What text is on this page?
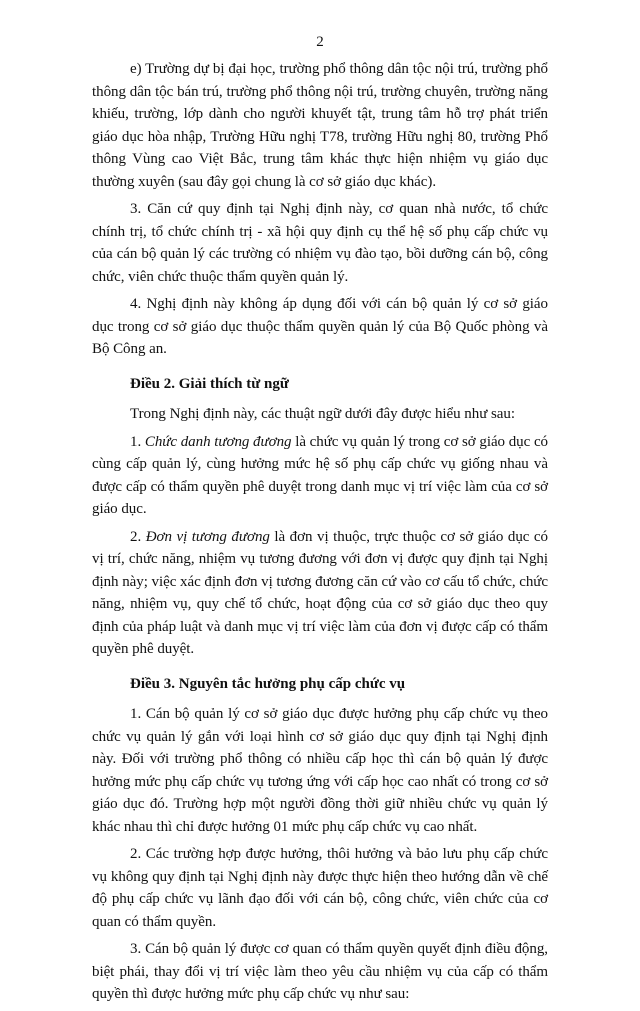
2

e) Trường dự bị đại học, trường phổ thông dân tộc nội trú, trường phổ thông dân tộc bán trú, trường phổ thông nội trú, trường chuyên, trường năng khiếu, trường, lớp dành cho người khuyết tật, trung tâm hỗ trợ phát triển giáo dục hòa nhập, Trường Hữu nghị T78, trường Hữu nghị 80, trường Phổ thông Vùng cao Việt Bắc, trung tâm khác thực hiện nhiệm vụ giáo dục thường xuyên (sau đây gọi chung là cơ sở giáo dục khác).

3. Căn cứ quy định tại Nghị định này, cơ quan nhà nước, tổ chức chính trị, tổ chức chính trị - xã hội quy định cụ thể hệ số phụ cấp chức vụ của cán bộ quản lý các trường có nhiệm vụ đào tạo, bồi dưỡng cán bộ, công chức, viên chức thuộc thẩm quyền quản lý.

4. Nghị định này không áp dụng đối với cán bộ quản lý cơ sở giáo dục trong cơ sở giáo dục thuộc thẩm quyền quản lý của Bộ Quốc phòng và Bộ Công an.

Điều 2. Giải thích từ ngữ

Trong Nghị định này, các thuật ngữ dưới đây được hiểu như sau:

1. Chức danh tương đương là chức vụ quản lý trong cơ sở giáo dục có cùng cấp quản lý, cùng hưởng mức hệ số phụ cấp chức vụ giống nhau và được cấp có thẩm quyền phê duyệt trong danh mục vị trí việc làm của cơ sở giáo dục.

2. Đơn vị tương đương là đơn vị thuộc, trực thuộc cơ sở giáo dục có vị trí, chức năng, nhiệm vụ tương đương với đơn vị được quy định tại Nghị định này; việc xác định đơn vị tương đương căn cứ vào cơ cấu tổ chức, chức năng, nhiệm vụ, quy chế tổ chức, hoạt động của cơ sở giáo dục theo quy định của pháp luật và danh mục vị trí việc làm của đơn vị được cấp có thẩm quyền phê duyệt.

Điều 3. Nguyên tắc hưởng phụ cấp chức vụ

1. Cán bộ quản lý cơ sở giáo dục được hưởng phụ cấp chức vụ theo chức vụ quản lý gắn với loại hình cơ sở giáo dục quy định tại Nghị định này. Đối với trường phổ thông có nhiều cấp học thì cán bộ quản lý được hưởng mức phụ cấp chức vụ tương ứng với cấp học cao nhất có trong cơ sở giáo dục đó. Trường hợp một người đồng thời giữ nhiều chức vụ quản lý khác nhau thì chỉ được hưởng 01 mức phụ cấp chức vụ cao nhất.

2. Các trường hợp được hưởng, thôi hưởng và bảo lưu phụ cấp chức vụ không quy định tại Nghị định này được thực hiện theo hướng dẫn về chế độ phụ cấp chức vụ lãnh đạo đối với cán bộ, công chức, viên chức của cơ quan có thẩm quyền.

3. Cán bộ quản lý được cơ quan có thẩm quyền quyết định điều động, biệt phái, thay đổi vị trí việc làm theo yêu cầu nhiệm vụ của cấp có thẩm quyền thì được hưởng mức phụ cấp chức vụ như sau:
